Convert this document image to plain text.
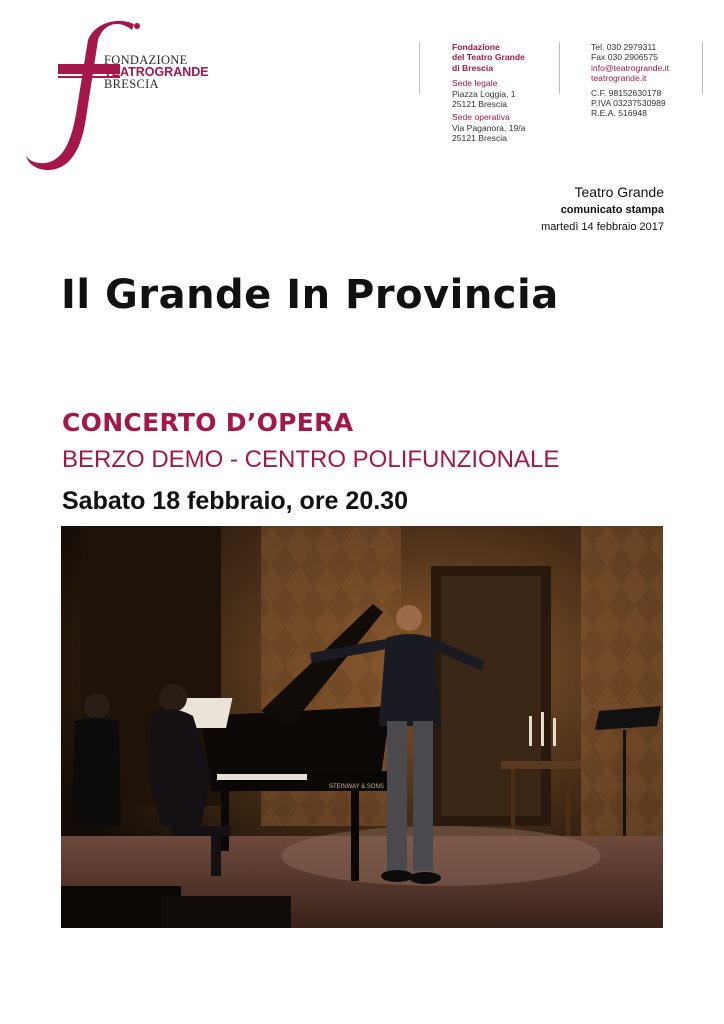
FONDAZIONE
TEATROGRANDE
BRESCIA
Fondazione
del Teatro Grande
di Brescia
Sede legale
Piazza Loggia, 1
25121 Brescia
Sede operativa
Via Paganora, 19/a
25121 Brescia
Tel. 030 2979311
Fax 030 2906575
info@teatrogrande.it
teatrogrande.it
C.F. 98152630178
P.IVA 03237530989
R.E.A. 516948
Teatro Grande
comunicato stampa
martedì 14 febbraio 2017
Il Grande In Provincia
CONCERTO D’OPERA
BERZO DEMO - CENTRO POLIFUNZIONALE
Sabato 18 febbraio, ore 20.30
STEINWAY & SONS
